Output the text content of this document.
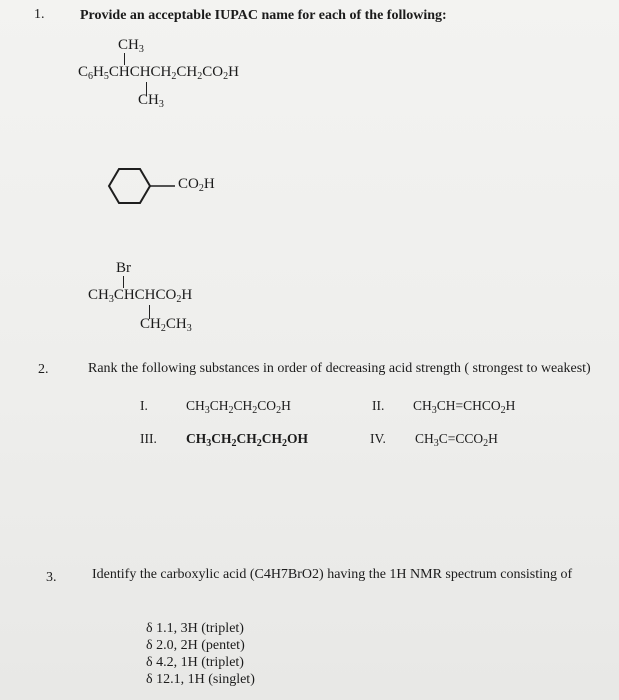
1.	Provide an acceptable IUPAC name for each of the following:
$CH_3$
$C_6H_5CHCHCH_2CH_2CO_2H$
$CH_3$
$CO_2H$
Br
$CH_3CHCHCO_2H$
$CH_2CH_3$
2.	Rank the following substances in order of decreasing acid strength ( strongest to weakest)
I.	$CH_3CH_2CH_2CO_2H$	II. $CH_3CH=CHCO_2H$
III. $CH_3CH_2CH_2CH_2OH$	IV. $CH_3C=CCO_2H$
3.	Identify the carboxylic acid (C4H7BrO2) having the 1H NMR spectrum consisting of
δ 1.1, 3H (triplet)
δ 2.0, 2H (pentet)
δ 4.2, 1H (triplet)
δ 12.1, 1H (singlet)
